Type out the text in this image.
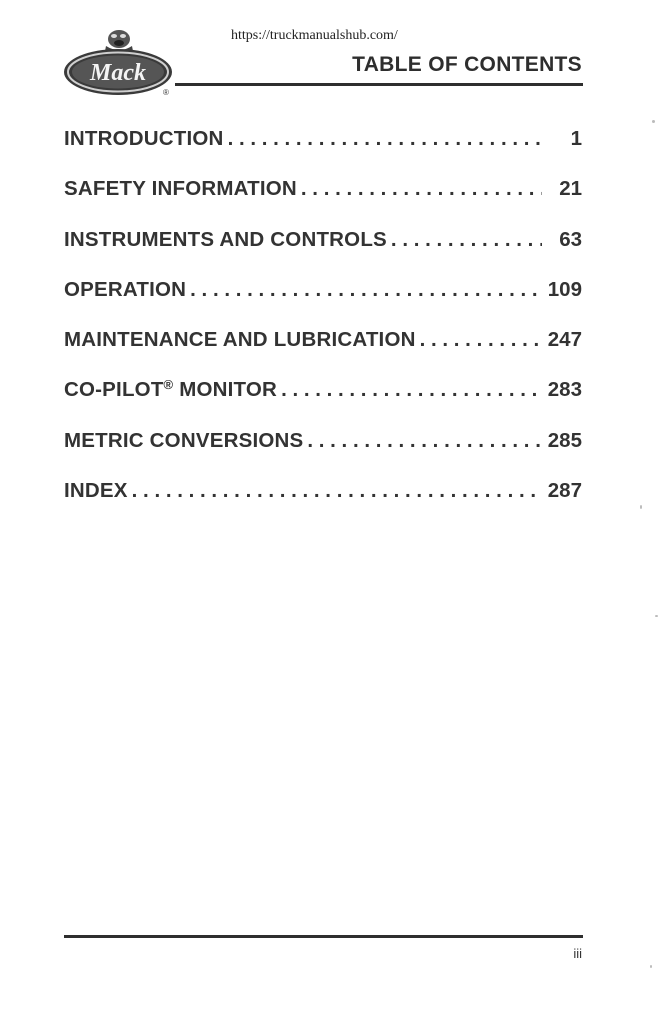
https://truckmanualshub.com/
Mack
®
TABLE OF CONTENTS
INTRODUCTION . . .	1
SAFETY INFORMATION . . .	21
INSTRUMENTS AND CONTROLS . . .	63
OPERATION . . .	109
MAINTENANCE AND LUBRICATION . . .	247
CO-PILOT® MONITOR . . .	283
METRIC CONVERSIONS . . .	285
INDEX . . .	287
iii
